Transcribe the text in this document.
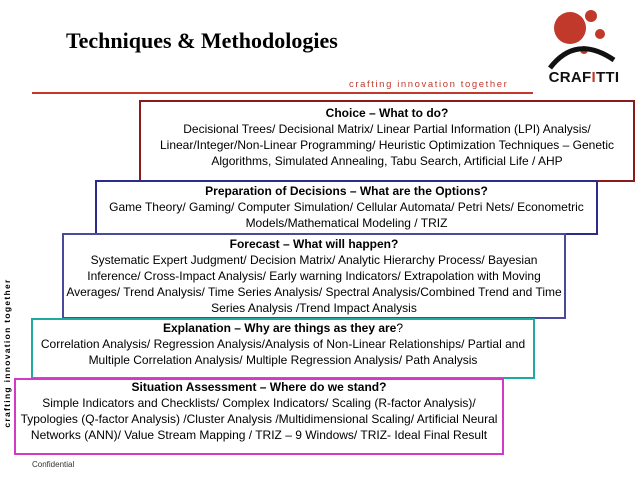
Techniques & Methodologies
crafting innovation together
crafting innovation together
CRAFITTI
Choice – What to do?
Decisional Trees/ Decisional Matrix/ Linear Partial Information (LPI) Analysis/ Linear/Integer/Non-Linear Programming/ Heuristic Optimization Techniques – Genetic Algorithms, Simulated Annealing, Tabu Search, Artificial Life / AHP
Preparation of Decisions – What are the Options?
Game Theory/ Gaming/ Computer Simulation/ Cellular Automata/ Petri Nets/ Econometric Models/Mathematical Modeling / TRIZ
Forecast – What will happen?
Systematic Expert Judgment/ Decision Matrix/ Analytic Hierarchy Process/ Bayesian Inference/ Cross-Impact Analysis/ Early warning Indicators/ Extrapolation with Moving Averages/ Trend Analysis/ Time Series Analysis/ Spectral Analysis/Combined Trend and Time Series Analysis /Trend Impact Analysis
Explanation – Why are things as they are?
Correlation Analysis/ Regression Analysis/Analysis of Non-Linear Relationships/ Partial and Multiple Correlation Analysis/ Multiple Regression Analysis/ Path Analysis
Situation Assessment – Where do we stand?
Simple Indicators and Checklists/ Complex Indicators/ Scaling (R-factor Analysis)/ Typologies (Q-factor Analysis) /Cluster Analysis /Multidimensional Scaling/ Artificial Neural Networks (ANN)/ Value Stream Mapping / TRIZ – 9 Windows/ TRIZ- Ideal Final Result
Confidential
